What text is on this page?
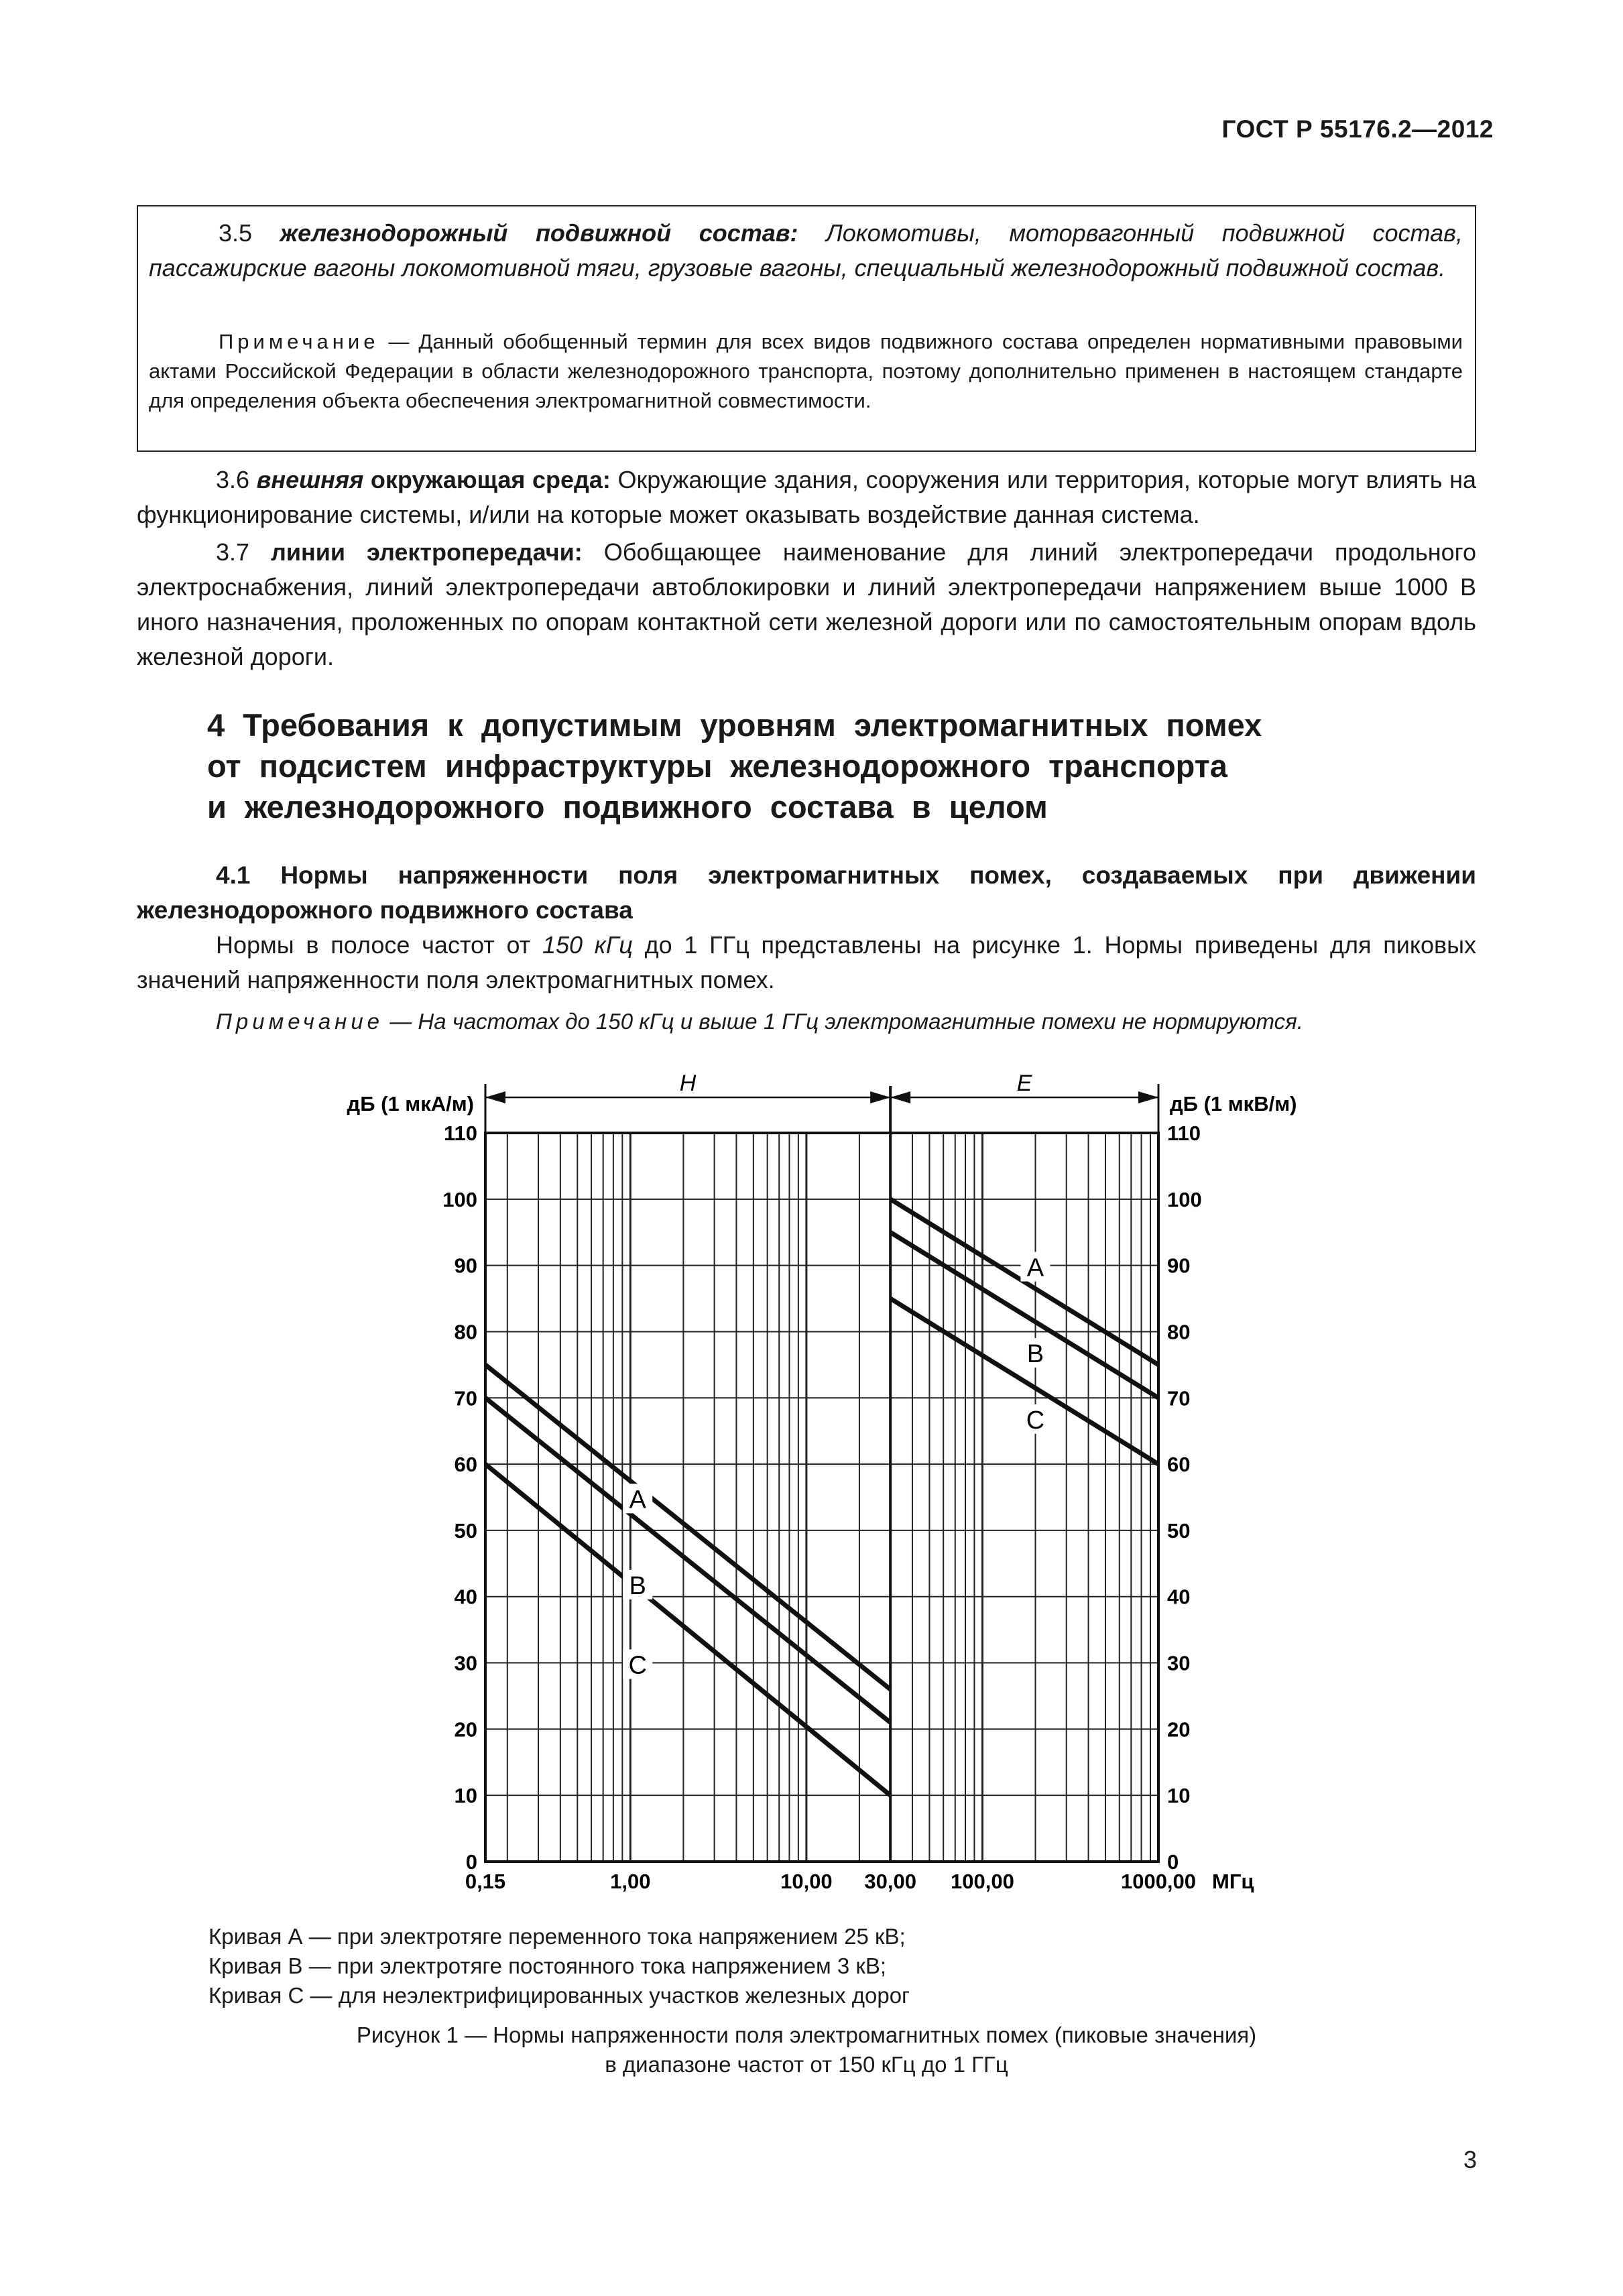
ГОСТ Р 55176.2—2012
3.5 железнодорожный подвижной состав: Локомотивы, моторвагонный подвижной состав, пассажирские вагоны локомотивной тяги, грузовые вагоны, специальный железнодорожный подвижной состав.
Примечание — Данный обобщенный термин для всех видов подвижного состава определен нормативными правовыми актами Российской Федерации в области железнодорожного транспорта, поэтому дополнительно применен в настоящем стандарте для определения объекта обеспечения электромагнитной совместимости.
3.6 внешняя окружающая среда: Окружающие здания, сооружения или территория, которые могут влиять на функционирование системы, и/или на которые может оказывать воздействие данная система.
3.7 линии электропередачи: Обобщающее наименование для линий электропередачи продольного электроснабжения, линий электропередачи автоблокировки и линий электропередачи напряжением выше 1000 В иного назначения, проложенных по опорам контактной сети железной дороги или по самостоятельным опорам вдоль железной дороги.
4 Требования к допустимым уровням электромагнитных помех
от подсистем инфраструктуры железнодорожного транспорта
и железнодорожного подвижного состава в целом
4.1 Нормы напряженности поля электромагнитных помех, создаваемых при движении железнодорожного подвижного состава
Нормы в полосе частот от 150 кГц до 1 ГГц представлены на рисунке 1. Нормы приведены для пиковых значений напряженности поля электромагнитных помех.
Примечание — На частотах до 150 кГц и выше 1 ГГц электромагнитные помехи не нормируются.
H	E
дБ (1 мкА/м)	дБ (1 мкВ/м)
0	0
10	10
20	20
30	30
40	40
50	50
60	60
70	70
80	80
90	90
100	100
110	110
0,15	1,00	10,00 30,00 100,00	1000,00 МГц
A
A
B
B
C
C
Кривая А — при электротяге переменного тока напряжением 25 кВ;
Кривая В — при электротяге постоянного тока напряжением 3 кВ;
Кривая С — для неэлектрифицированных участков железных дорог
Рисунок 1 — Нормы напряженности поля электромагнитных помех (пиковые значения)
в диапазоне частот от 150 кГц до 1 ГГц
3
